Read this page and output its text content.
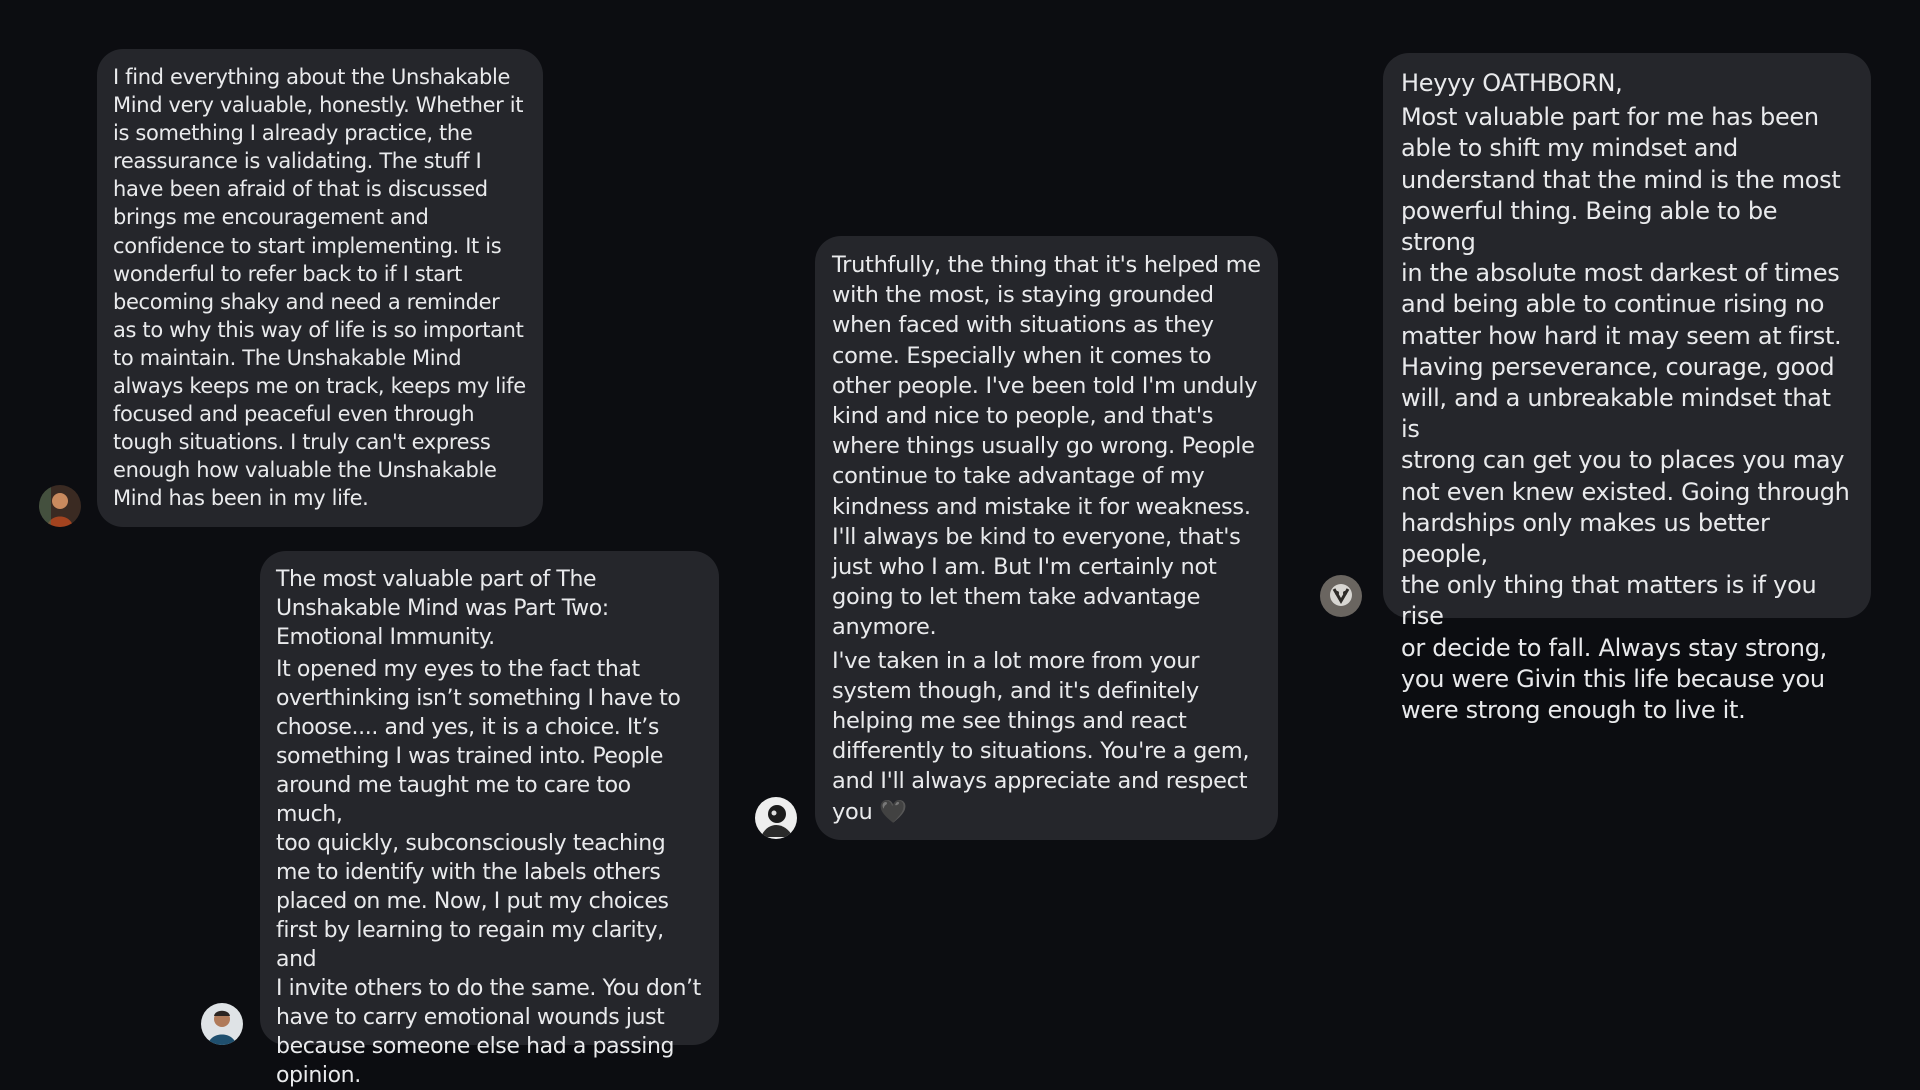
I find everything about the Unshakable
Mind very valuable, honestly. Whether it
is something I already practice, the
reassurance is validating. The stuff I
have been afraid of that is discussed
brings me encouragement and
confidence to start implementing. It is
wonderful to refer back to if I start
becoming shaky and need a reminder
as to why this way of life is so important
to maintain. The Unshakable Mind
always keeps me on track, keeps my life
focused and peaceful even through
tough situations. I truly can't express
enough how valuable the Unshakable
Mind has been in my life.

The most valuable part of The
Unshakable Mind was Part Two:
Emotional Immunity.

It opened my eyes to the fact that
overthinking isn’t something I have to
choose.... and yes, it is a choice. It’s
something I was trained into. People
around me taught me to care too much,
too quickly, subconsciously teaching
me to identify with the labels others
placed on me. Now, I put my choices
first by learning to regain my clarity, and
I invite others to do the same. You don’t
have to carry emotional wounds just
because someone else had a passing
opinion.

Truthfully, the thing that it's helped me
with the most, is staying grounded
when faced with situations as they
come. Especially when it comes to
other people. I've been told I'm unduly
kind and nice to people, and that's
where things usually go wrong. People
continue to take advantage of my
kindness and mistake it for weakness.
I'll always be kind to everyone, that's
just who I am. But I'm certainly not
going to let them take advantage
anymore.

I've taken in a lot more from your
system though, and it's definitely
helping me see things and react
differently to situations. You're a gem,
and I'll always appreciate and respect
you 🖤

Heyyy OATHBORN,

Most valuable part for me has been
able to shift my mindset and
understand that the mind is the most
powerful thing. Being able to be strong
in the absolute most darkest of times
and being able to continue rising no
matter how hard it may seem at first.
Having perseverance, courage, good
will, and a unbreakable mindset that is
strong can get you to places you may
not even knew existed. Going through
hardships only makes us better people,
the only thing that matters is if you rise
or decide to fall. Always stay strong,
you were Givin this life because you
were strong enough to live it.
